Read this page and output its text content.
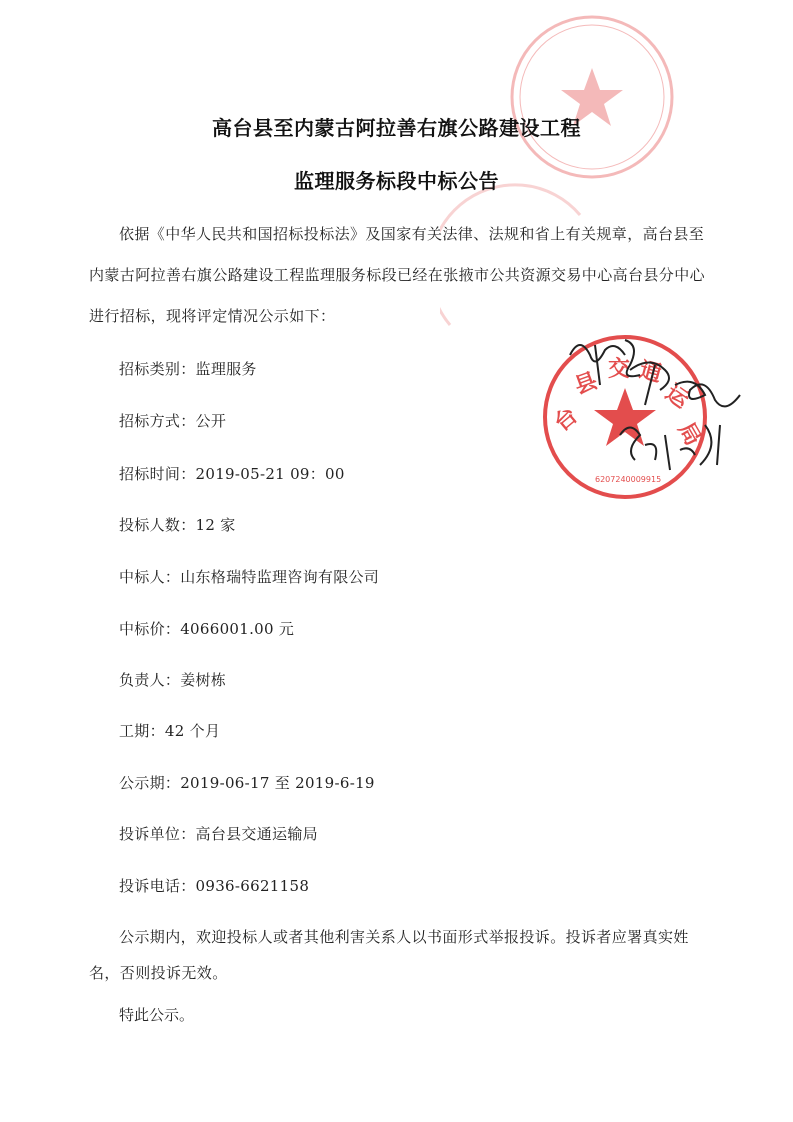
台
县 交 通
运
局
6207240009915
高台县至内蒙古阿拉善右旗公路建设工程
监理服务标段中标公告
依据《中华人民共和国招标投标法》及国家有关法律、法规和省上有关规章，高台县至内蒙古阿拉善右旗公路建设工程监理服务标段已经在张掖市公共资源交易中心高台县分中心进行招标，现将评定情况公示如下：
招标类别：监理服务
招标方式：公开
招标时间：2019-05-21 09：00
投标人数：12 家
中标人：山东格瑞特监理咨询有限公司
中标价：4066001.00 元
负责人：姜树栋
工期：42 个月
公示期：2019-06-17 至 2019-6-19
投诉单位：高台县交通运输局
投诉电话：0936-6621158
公示期内，欢迎投标人或者其他利害关系人以书面形式举报投诉。投诉者应署真实姓名，否则投诉无效。
特此公示。
